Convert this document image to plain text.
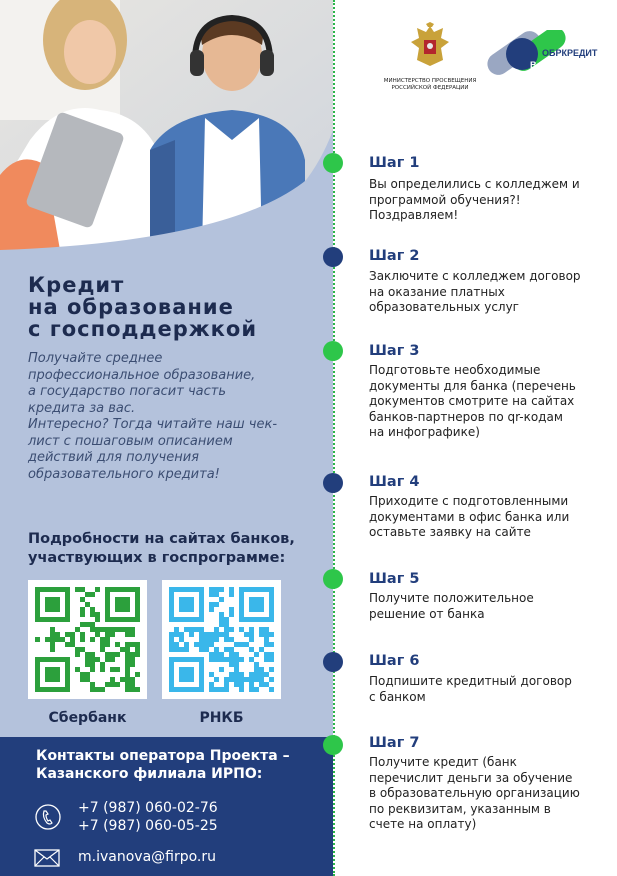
Кредит
на образование
с господдержкой
Получайте среднее
профессиональное образование,
а государство погасит часть
кредита за вас.
Интересно? Тогда читайте наш чек-
лист с пошаговым описанием
действий для получения
образовательного кредита!
Подробности на сайтах банков,
участвующих в госпрограмме:
Сбербанк	РНКБ
Контакты оператора Проекта –
Казанского филиала ИРПО:
+7 (987) 060-02-76
+7 (987) 060-05-25
m.ivanova@firpo.ru
МИНИСТЕРСТВО ПРОСВЕЩЕНИЯ
РОССИЙСКОЙ ФЕДЕРАЦИИ
ОБРКРЕДИТ
В СПО
Шаг 1
Вы определились с колледжем и
программой обучения?!
Поздравляем!
Шаг 2
Заключите с колледжем договор
на оказание платных
образовательных услуг
Шаг 3
Подготовьте необходимые
документы для банка (перечень
документов смотрите на сайтах
банков-партнеров по qr-кодам
на инфографике)
Шаг 4
Приходите с подготовленными
документами в офис банка или
оставьте заявку на сайте
Шаг 5
Получите положительное
решение от банка
Шаг 6
Подпишите кредитный договор
с банком
Шаг 7
Получите кредит (банк
перечислит деньги за обучение
в образовательную организацию
по реквизитам, указанным в
счете на оплату)
